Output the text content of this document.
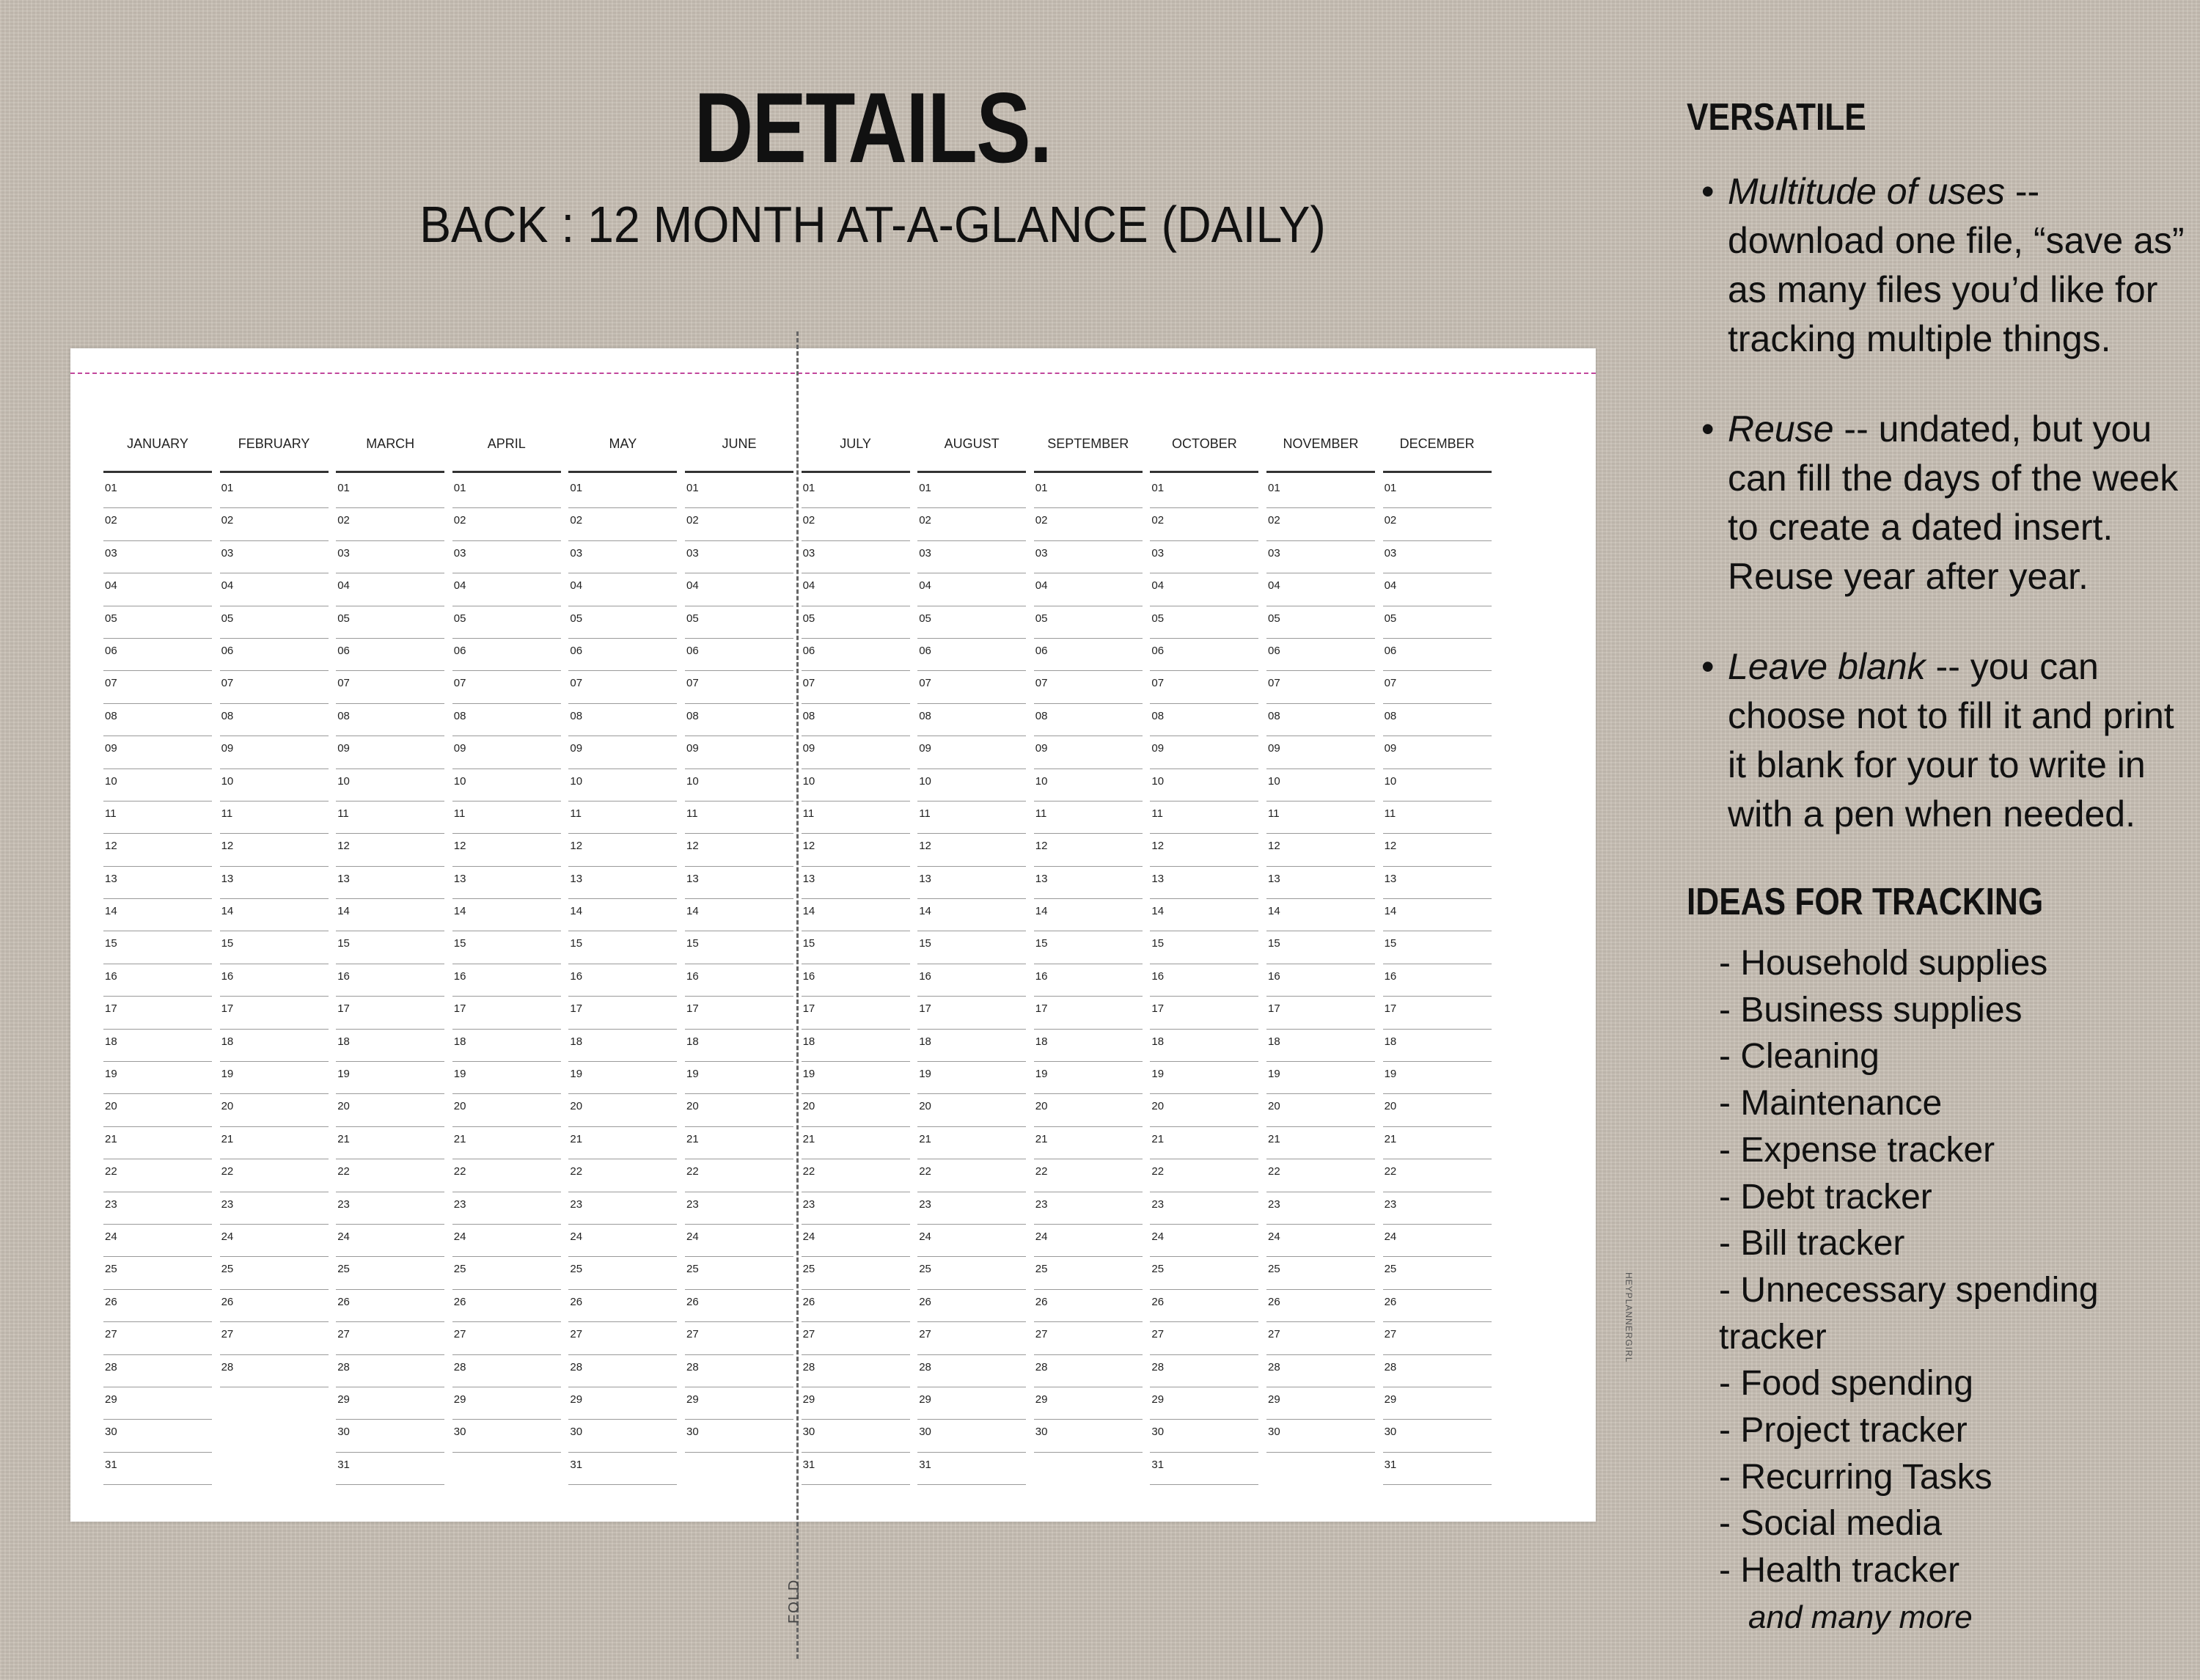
DETAILS.
BACK : 12 MONTH AT-A-GLANCE (DAILY)
JANUARY
01
02
03
04
05
06
07
08
09
10
11
12
13
14
15
16
17
18
19
20
21
22
23
24
25
26
27
28
29
30
31
FEBRUARY
01
02
03
04
05
06
07
08
09
10
11
12
13
14
15
16
17
18
19
20
21
22
23
24
25
26
27
28
MARCH
01
02
03
04
05
06
07
08
09
10
11
12
13
14
15
16
17
18
19
20
21
22
23
24
25
26
27
28
29
30
31
APRIL
01
02
03
04
05
06
07
08
09
10
11
12
13
14
15
16
17
18
19
20
21
22
23
24
25
26
27
28
29
30
MAY
01
02
03
04
05
06
07
08
09
10
11
12
13
14
15
16
17
18
19
20
21
22
23
24
25
26
27
28
29
30
31
JUNE
01
02
03
04
05
06
07
08
09
10
11
12
13
14
15
16
17
18
19
20
21
22
23
24
25
26
27
28
29
30
JULY
01
02
03
04
05
06
07
08
09
10
11
12
13
14
15
16
17
18
19
20
21
22
23
24
25
26
27
28
29
30
31
AUGUST
01
02
03
04
05
06
07
08
09
10
11
12
13
14
15
16
17
18
19
20
21
22
23
24
25
26
27
28
29
30
31
SEPTEMBER
01
02
03
04
05
06
07
08
09
10
11
12
13
14
15
16
17
18
19
20
21
22
23
24
25
26
27
28
29
30
OCTOBER
01
02
03
04
05
06
07
08
09
10
11
12
13
14
15
16
17
18
19
20
21
22
23
24
25
26
27
28
29
30
31
NOVEMBER
01
02
03
04
05
06
07
08
09
10
11
12
13
14
15
16
17
18
19
20
21
22
23
24
25
26
27
28
29
30
DECEMBER
01
02
03
04
05
06
07
08
09
10
11
12
13
14
15
16
17
18
19
20
21
22
23
24
25
26
27
28
29
30
31
HEYPLANNERGIRL
FOLD
VERSATILE
• Multitude of uses -- download one file, “save as” as many files you’d like for tracking multiple things.
• Reuse -- undated, but you can fill the days of the week to create a dated insert. Reuse year after year.
• Leave blank -- you can choose not to fill it and print it blank for your to write in with a pen when needed.
IDEAS FOR TRACKING
- Household supplies
- Business supplies
- Cleaning
- Maintenance
- Expense tracker
- Debt tracker
- Bill tracker
- Unnecessary spending tracker
- Food spending
- Project tracker
- Recurring Tasks
- Social media
- Health tracker
and many more
